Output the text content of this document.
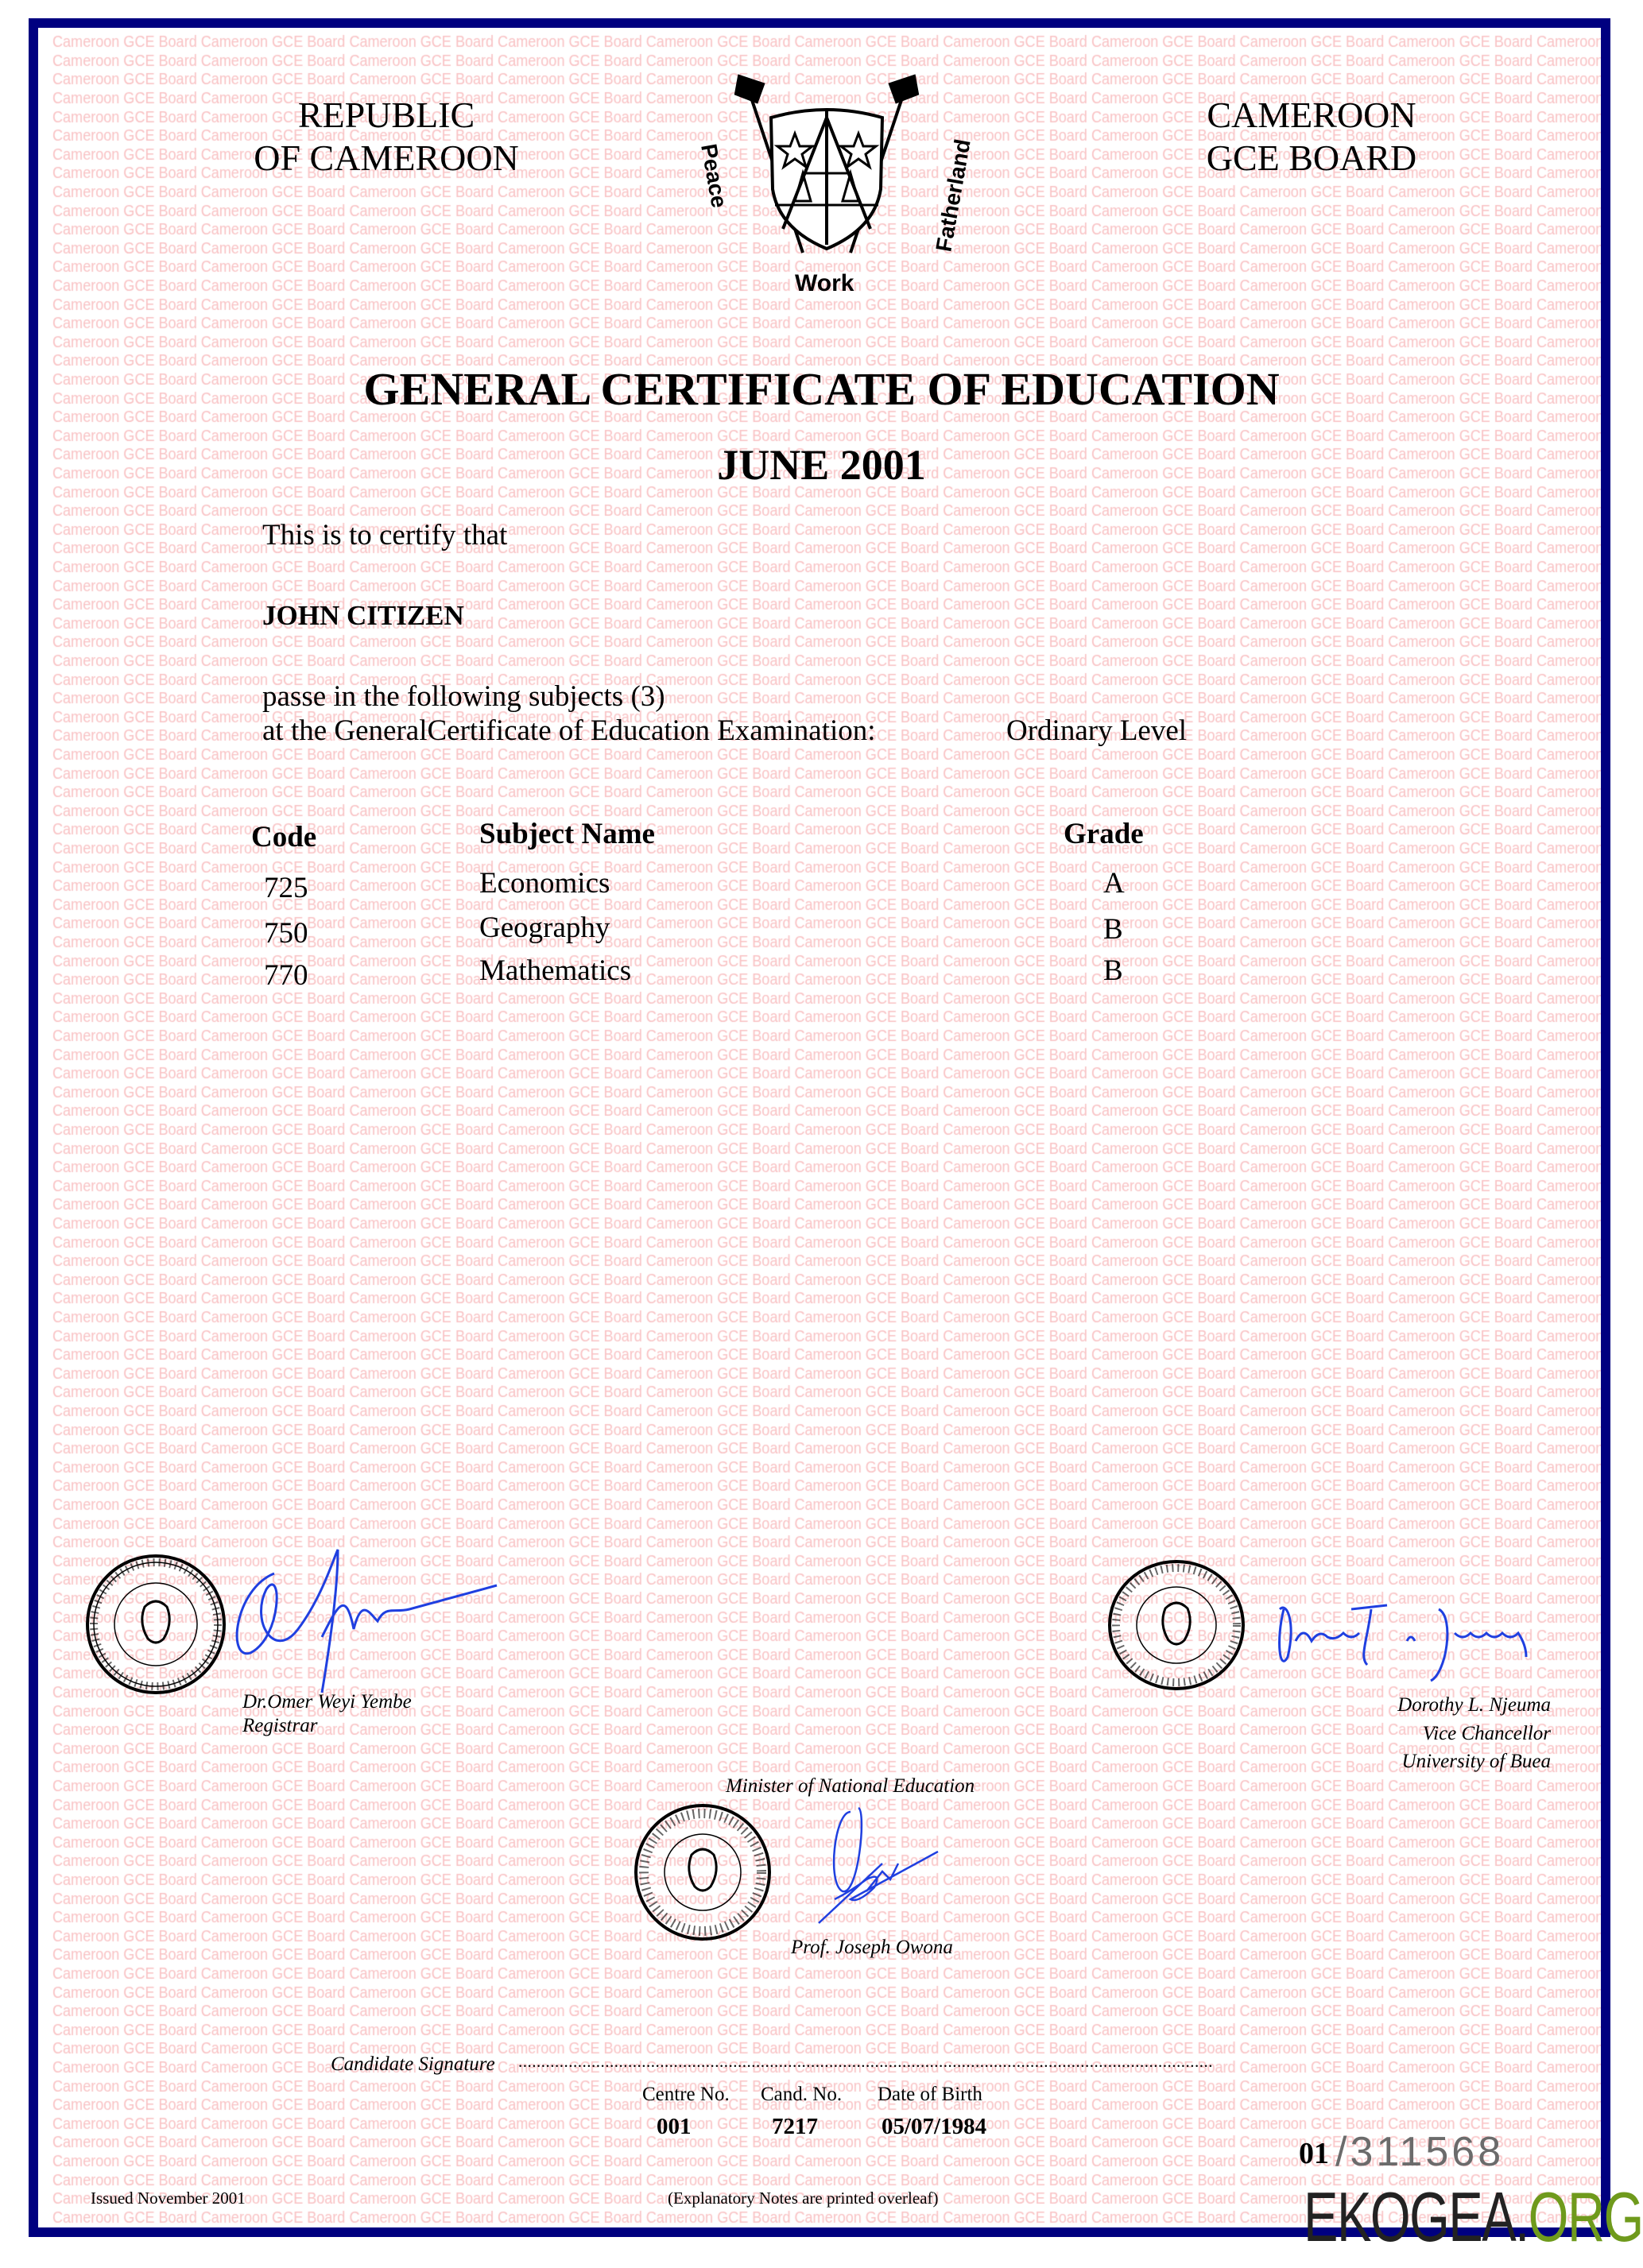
REPUBLIC
OF CAMEROON
CAMEROON
GCE BOARD
Peace
Work
Fatherland
GENERAL CERTIFICATE OF EDUCATION
JUNE 2001
This is to certify that
JOHN CITIZEN
passe in the following subjects (3)
at the GeneralCertificate of Education Examination:	Ordinary Level
Code	Subject Name	Grade
725	Economics	A
750	Geography	B
770	Mathematics	B
Dr.Omer Weyi Yembe
Registrar
Dorothy L. Njeuma
Vice Chancellor
University of Buea
Minister of National Education
Prof. Joseph Owona
Candidate Signature ........................................................................................................................................................
Centre No. Cand. No. Date of Birth
001	7217	05/07/1984
01 /311568
Issued November 2001	(Explanatory Notes are printed overleaf)	EKOGEA.ORG
